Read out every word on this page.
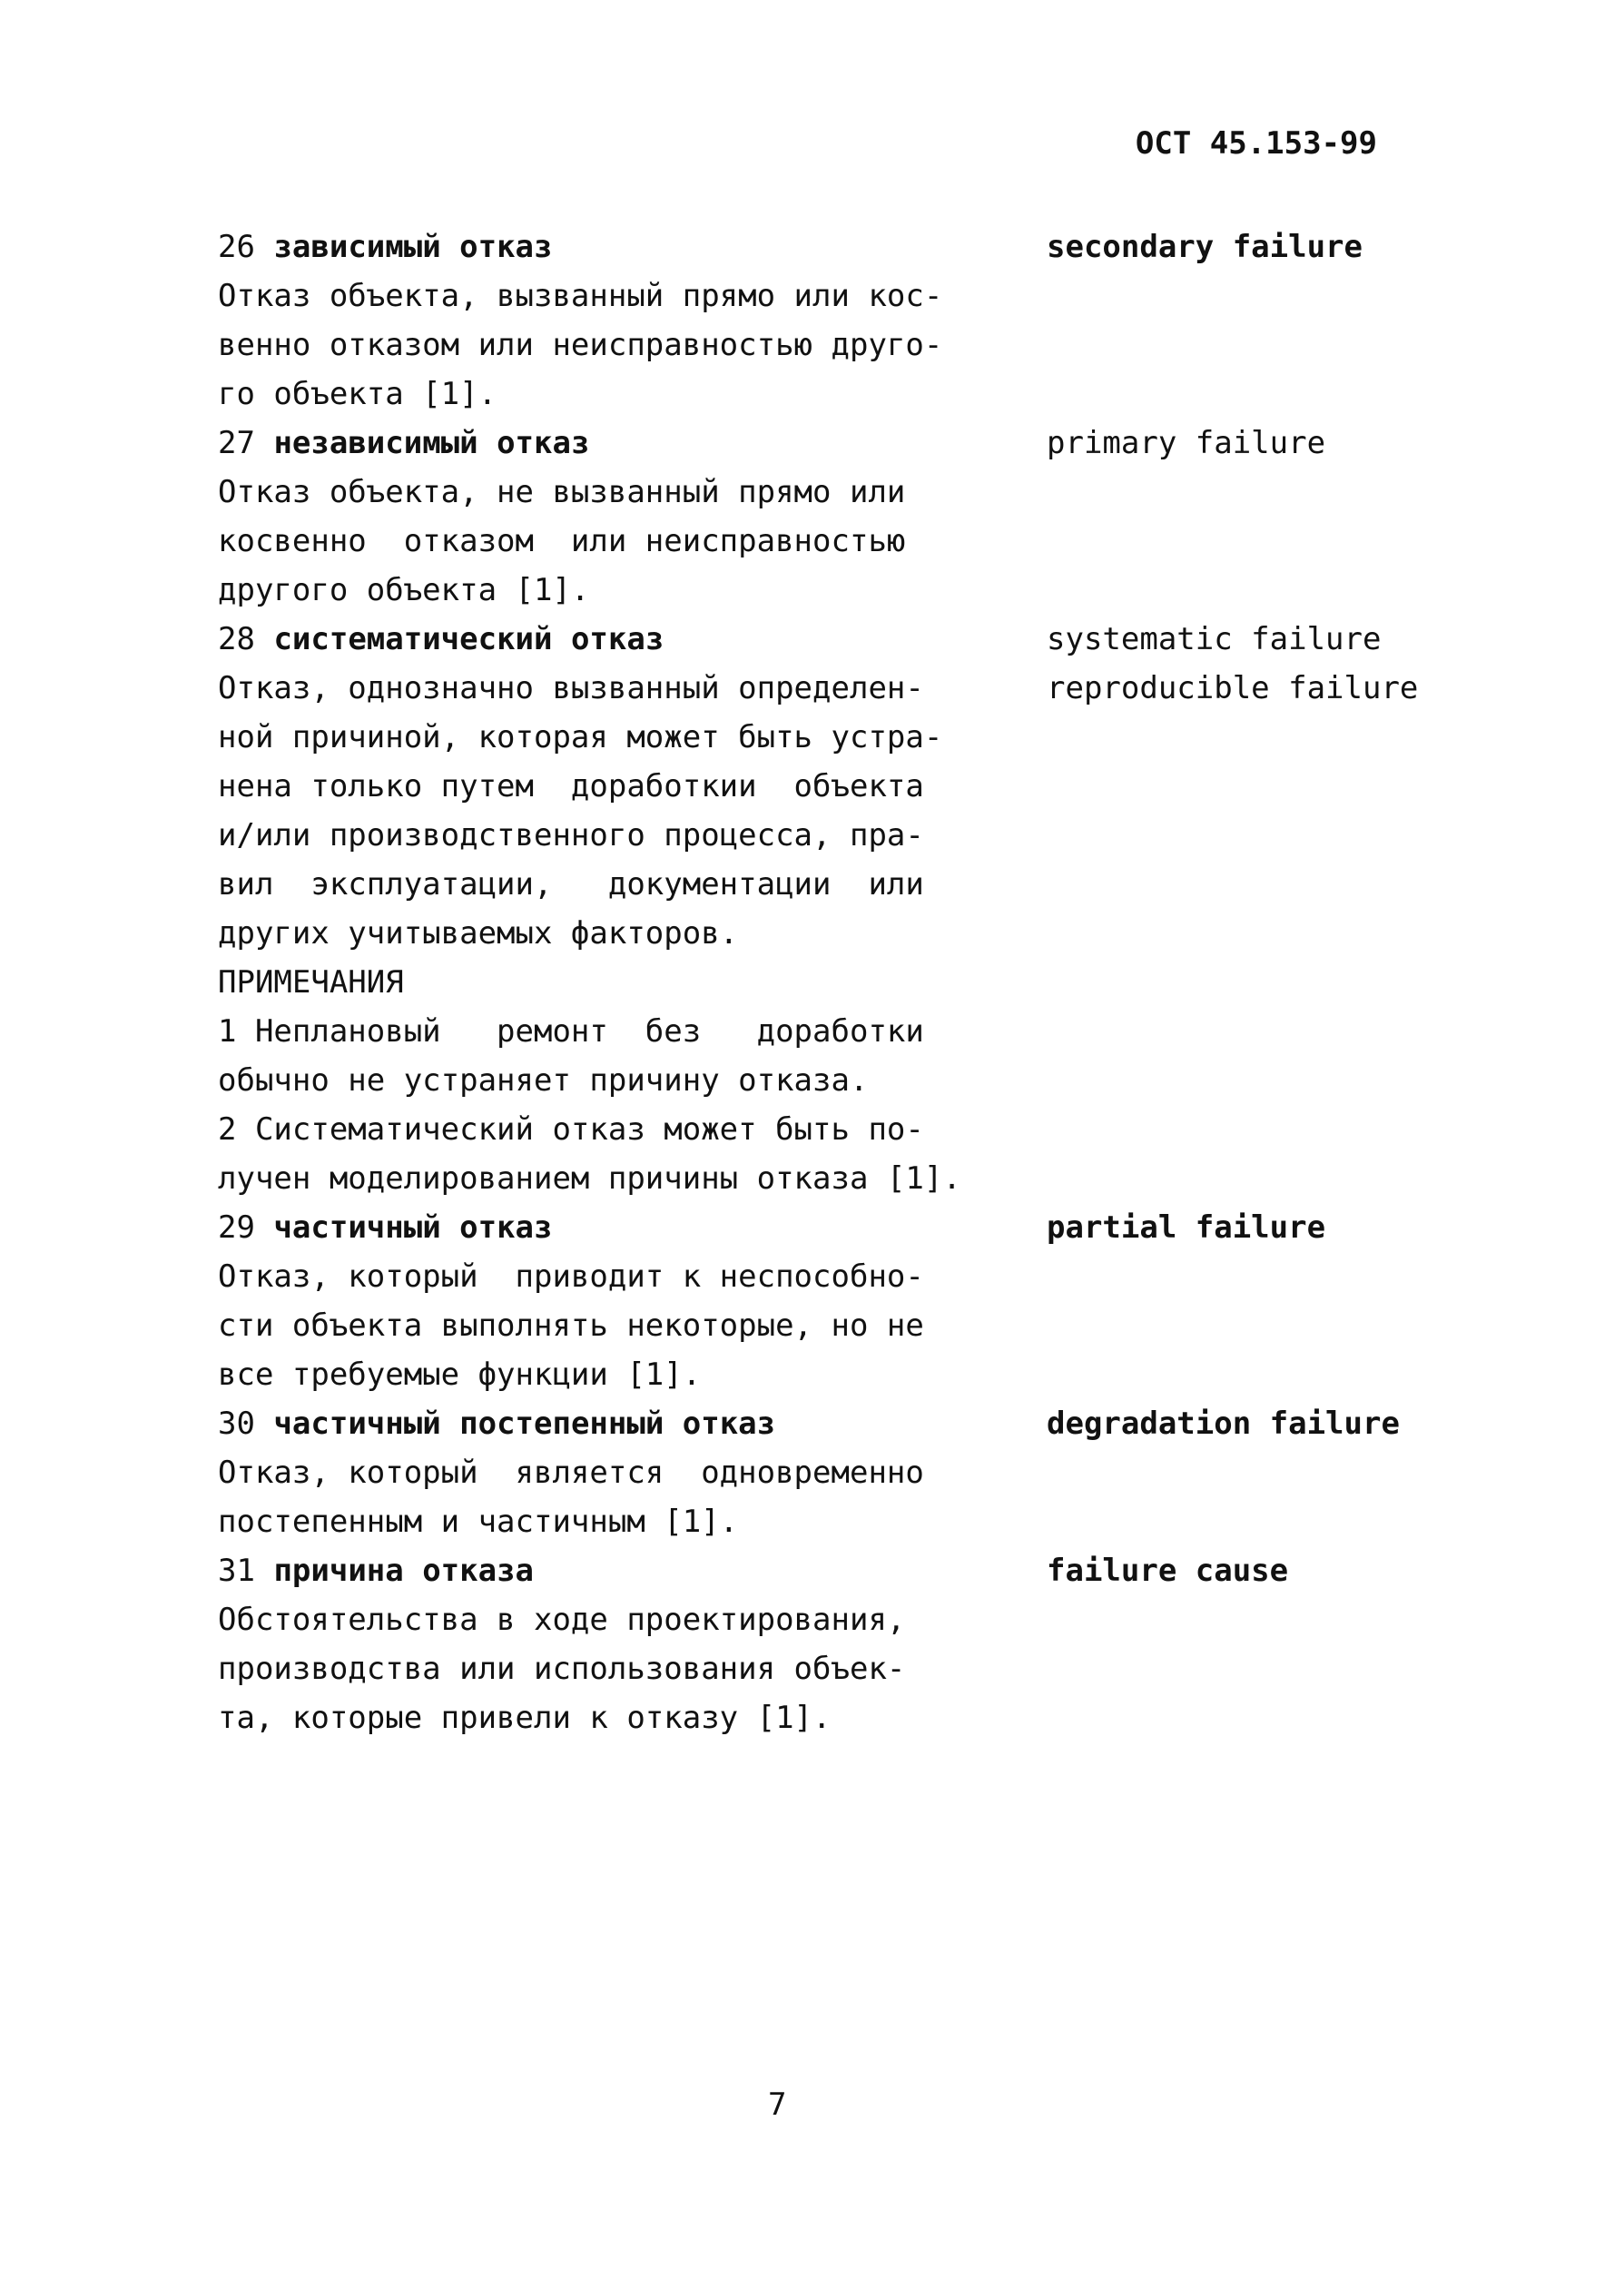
ОСТ 45.153-99
26 зависимый отказ
Отказ объекта, вызванный прямо или кос-
венно отказом или неисправностью друго-
го объекта [1].
secondary failure
27 независимый отказ
Отказ объекта, не вызванный прямо или
косвенно  отказом  или неисправностью
другого объекта [1].
primary failure
28 систематический отказ
Отказ, однозначно вызванный определен-
ной причиной, которая может быть устра-
нена только путем  доработкии  объекта
и/или производственного процесса, пра-
вил  эксплуатации,   документации  или
других учитываемых факторов.
ПРИМЕЧАНИЯ
1 Неплановый   ремонт  без   доработки
обычно не устраняет причину отказа.
2 Систематический отказ может быть по-
лучен моделированием причины отказа [1].
systematic failure
reproducible failure
29 частичный отказ
Отказ, который  приводит к неспособно-
сти объекта выполнять некоторые, но не
все требуемые функции [1].
partial failure
30 частичный постепенный отказ
Отказ, который  является  одновременно
постепенным и частичным [1].
degradation failure
31 причина отказа
Обстоятельства в ходе проектирования,
производства или использования объек-
та, которые привели к отказу [1].
failure cause
7
